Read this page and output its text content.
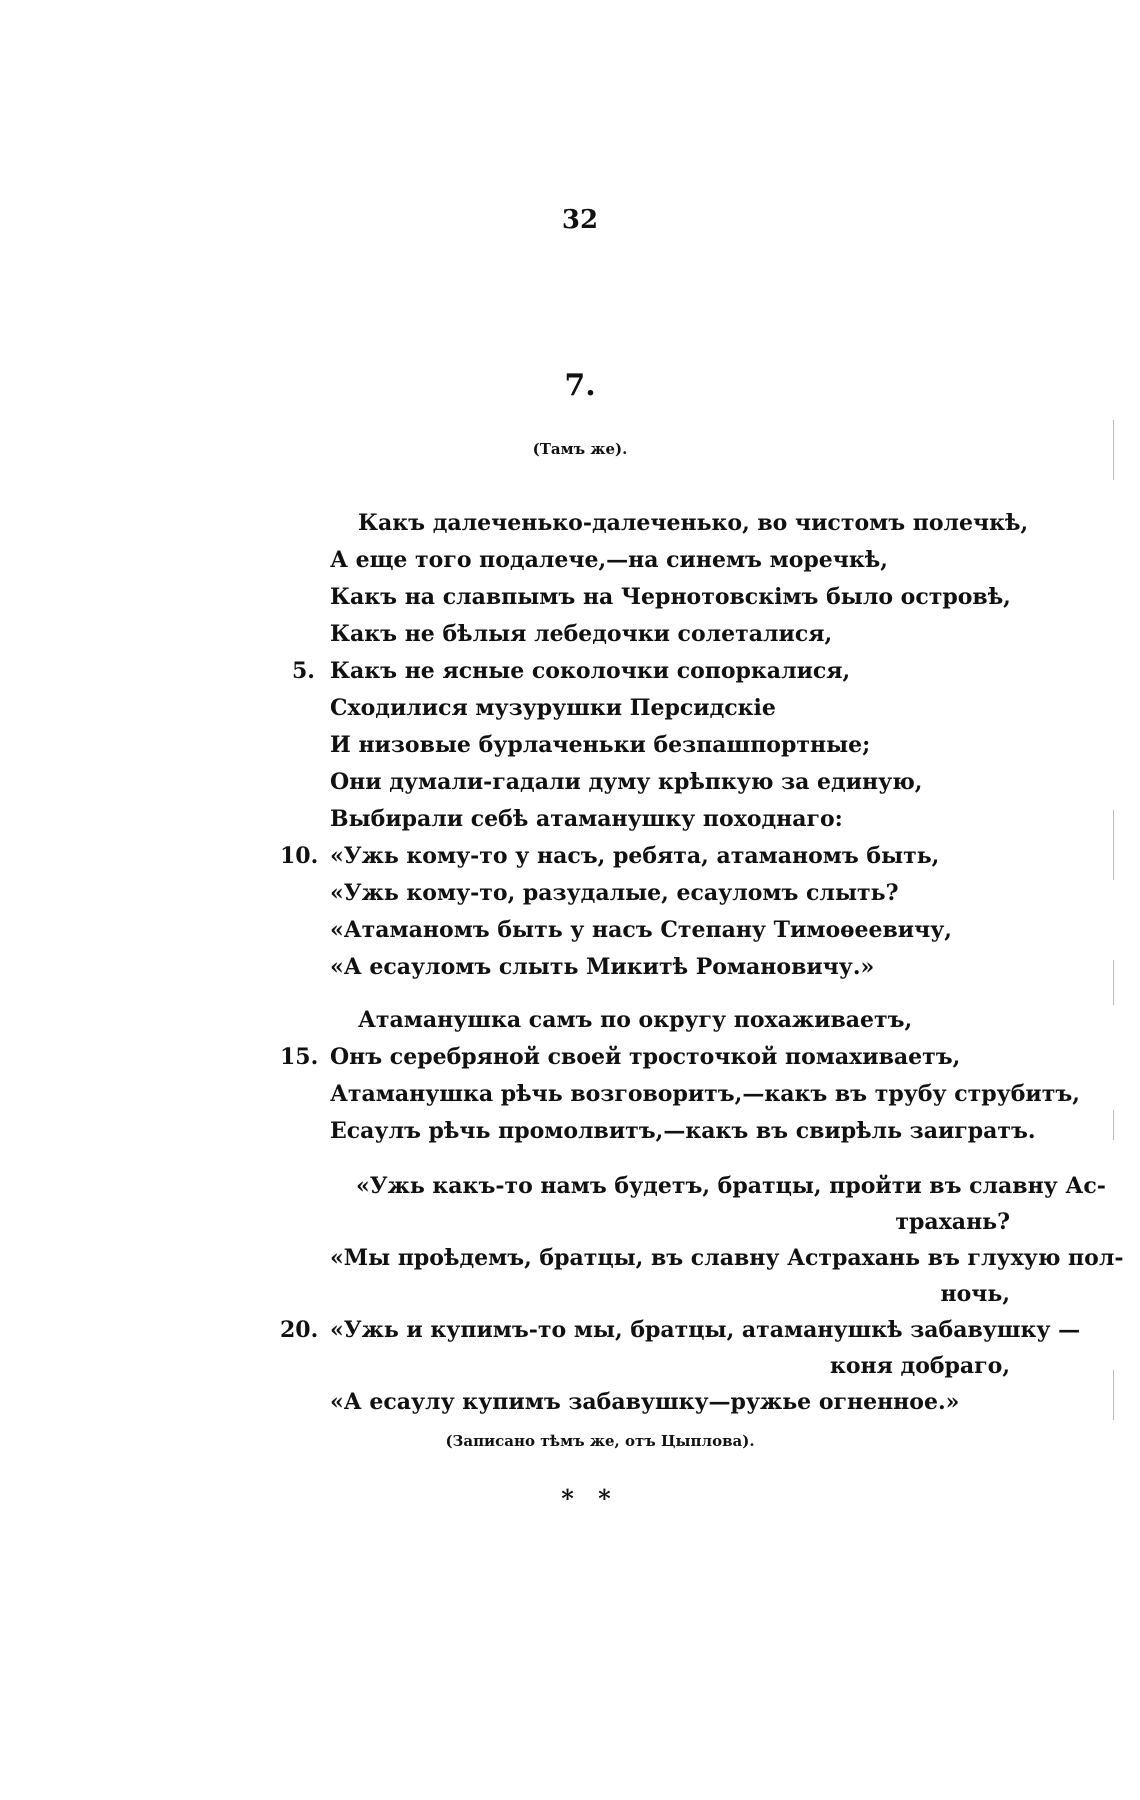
32
7.
(Тамъ же).
Какъ далеченько-далеченько, во чистомъ полечкѣ,
А еще того подалече,—на синемъ моречкѣ,
Какъ на славпымъ на Чернотовскімъ было островѣ,
Какъ не бѣлыя лебедочки солеталися,
5. Какъ не ясные соколочки сопоркалися,
Сходилися музурушки Персидскіе
И низовые бурлаченьки безпашпортные;
Они думали-гадали думу крѣпкую за единую,
Выбирали себѣ атаманушку походнаго:
10. «Ужь кому-то у насъ, ребята, атаманомъ быть,
«Ужь кому-то, разудалые, есауломъ слыть?
«Атаманомъ быть у насъ Степану Тимоѳеевичу,
«А есауломъ слыть Микитѣ Романовичу.»
Атаманушка самъ по округу похаживаетъ,
15. Онъ серебряной своей тросточкой помахиваетъ,
Атаманушка рѣчь возговоритъ,—какъ въ трубу струбитъ,
Есаулъ рѣчь промолвитъ,—какъ въ свирѣль заигратъ.
«Ужь какъ-то намъ будетъ, братцы, пройти въ славну Ас-
трахань?
«Мы проѣдемъ, братцы, въ славну Астрахань въ глухую пол-
ночь,
20. «Ужь и купимъ-то мы, братцы, атаманушкѣ забавушку —
коня добраго,
«А есаулу купимъ забавушку—ружье огненное.»
(Записано тѣмъ же, отъ Цыплова).
* *
